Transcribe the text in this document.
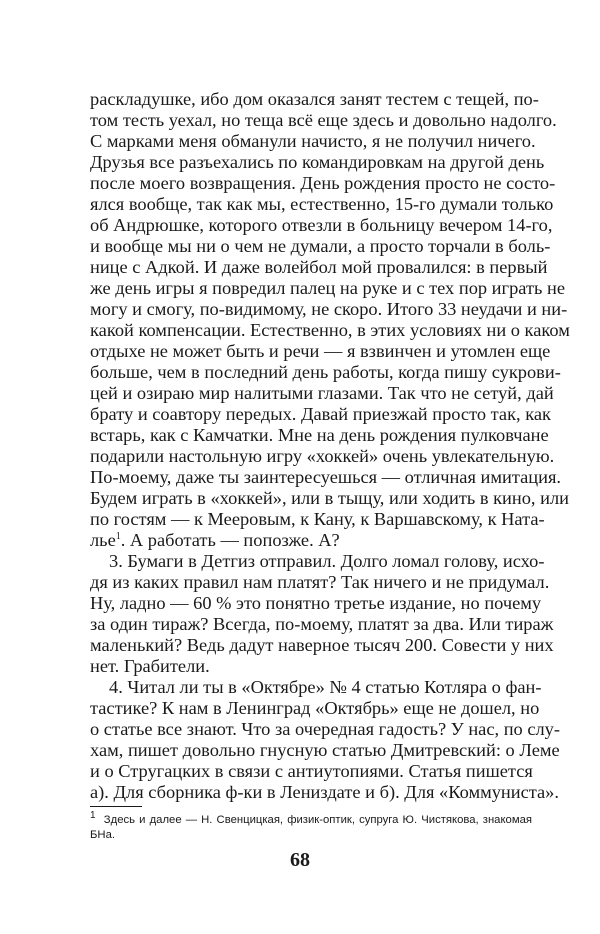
раскладушке, ибо дом оказался занят тестем с тещей, по-
том тесть уехал, но теща всё еще здесь и довольно надолго.
С марками меня обманули начисто, я не получил ничего.
Друзья все разъехались по командировкам на другой день
после моего возвращения. День рождения просто не состо-
ялся вообще, так как мы, естественно, 15-го думали только
об Андрюшке, которого отвезли в больницу вечером 14-го,
и вообще мы ни о чем не думали, а просто торчали в боль-
нице с Адкой. И даже волейбол мой провалился: в первый
же день игры я повредил палец на руке и с тех пор играть не
могу и смогу, по-видимому, не скоро. Итого 33 неудачи и ни-
какой компенсации. Естественно, в этих условиях ни о каком
отдыхе не может быть и речи — я взвинчен и утомлен еще
больше, чем в последний день работы, когда пишу сукрови-
цей и озираю мир налитыми глазами. Так что не сетуй, дай
брату и соавтору передых. Давай приезжай просто так, как
встарь, как с Камчатки. Мне на день рождения пулковчане
подарили настольную игру «хоккей» очень увлекательную.
По-моему, даже ты заинтересуешься — отличная имитация.
Будем играть в «хоккей», или в тыщу, или ходить в кино, или
по гостям — к Мееровым, к Кану, к Варшавскому, к Ната-
лье$^1$. А работать — попозже. А?
3. Бумаги в Детгиз отправил. Долго ломал голову, исхо-
дя из каких правил нам платят? Так ничего и не придумал.
Ну, ладно — 60 % это понятно третье издание, но почему
за один тираж? Всегда, по-моему, платят за два. Или тираж
маленький? Ведь дадут наверное тысяч 200. Совести у них
нет. Грабители.
4. Читал ли ты в «Октябре» № 4 статью Котляра о фан-
тастике? К нам в Ленинград «Октябрь» еще не дошел, но
о статье все знают. Что за очередная гадость? У нас, по слу-
хам, пишет довольно гнусную статью Дмитревский: о Леме
и о Стругацких в связи с антиутопиями. Статья пишется
а). Для сборника ф-ки в Лениздате и б). Для «Коммуниста».
$^1$ Здесь и далее — Н. Свенцицкая, физик-оптик, супруга Ю. Чистякова, знакомая
БНа.
68
